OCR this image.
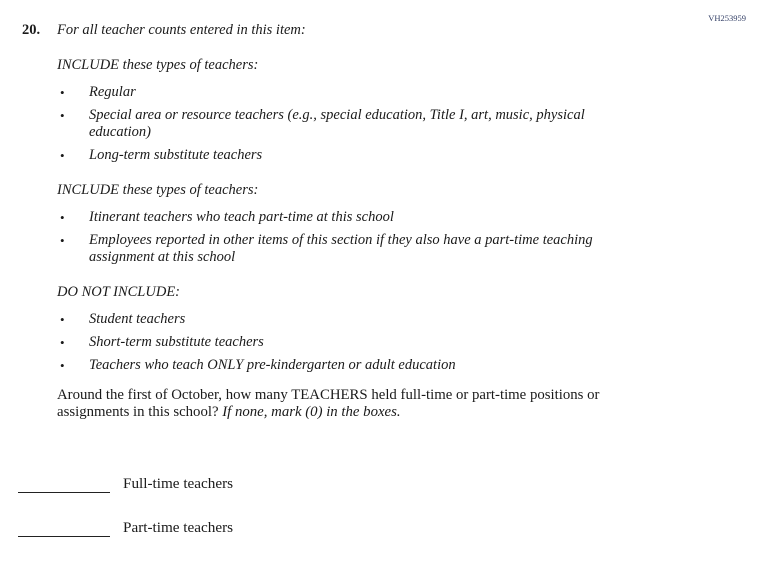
VH253959
20.	For all teacher counts entered in this item:
INCLUDE these types of teachers:
•	Regular
•	Special area or resource teachers (e.g., special education, Title I, art, music, physical education)
•	Long-term substitute teachers
INCLUDE these types of teachers:
•	Itinerant teachers who teach part-time at this school
•	Employees reported in other items of this section if they also have a part-time teaching assignment at this school
DO NOT INCLUDE:
•	Student teachers
•	Short-term substitute teachers
•	Teachers who teach ONLY pre-kindergarten or adult education

Around the first of October, how many TEACHERS held full-time or part-time positions or assignments in this school? If none, mark (0) in the boxes.

Full-time teachers
Part-time teachers
